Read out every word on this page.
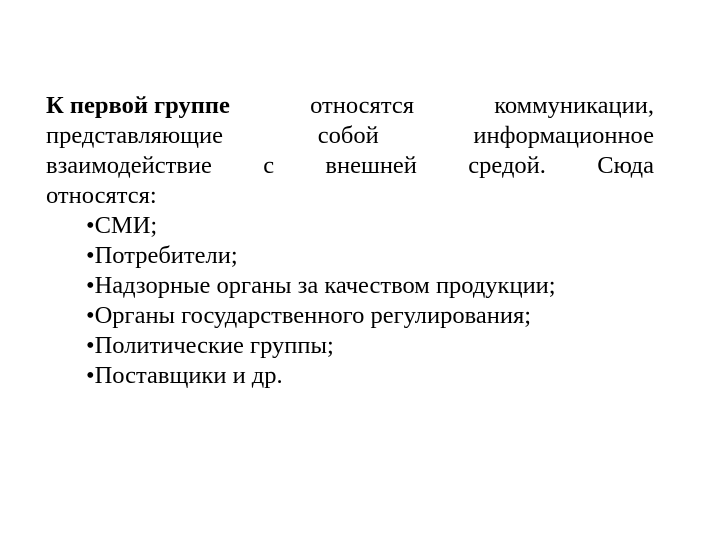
К первой группе	относятся	коммуникации,
представляющие	собой	информационное
взаимодействие с внешней средой. Сюда
относятся:
•СМИ;
•Потребители;
•Надзорные органы за качеством продукции;
•Органы государственного регулирования;
•Политические группы;
•Поставщики и др.
